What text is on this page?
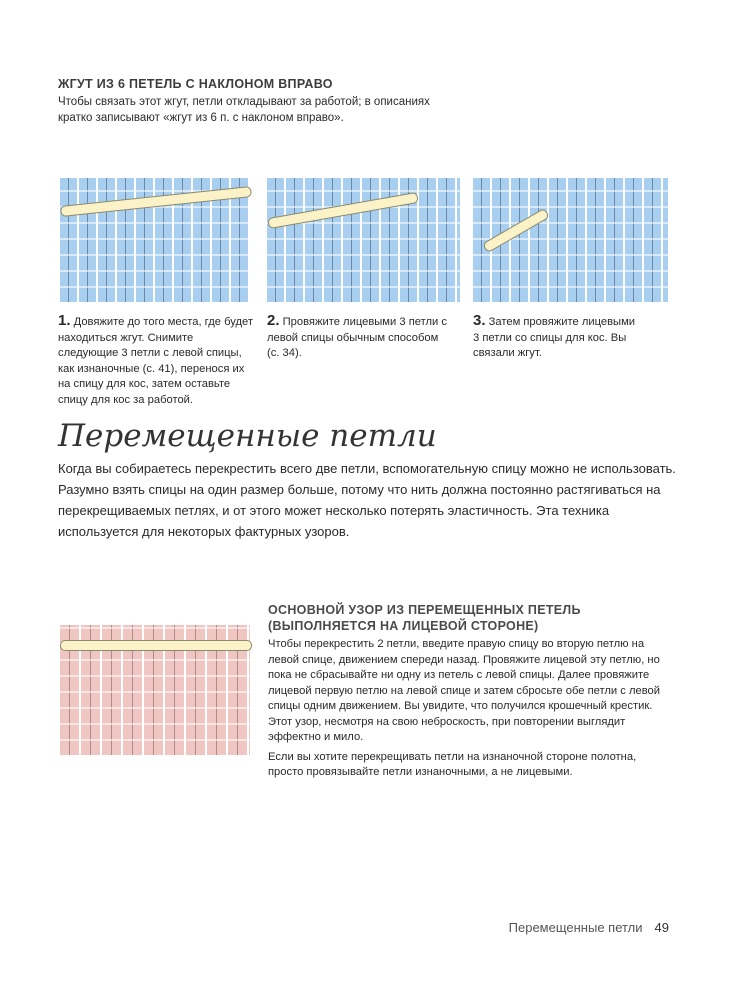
ЖГУТ ИЗ 6 ПЕТЕЛЬ С НАКЛОНОМ ВПРАВО
Чтобы связать этот жгут, петли откладывают за работой; в описаниях кратко записывают «жгут из 6 п. с наклоном вправо».
1. Довяжите до того места, где будет находиться жгут. Снимите следующие 3 петли с левой спицы, как изнаночные (с. 41), перенося их на спицу для кос, затем оставьте спицу для кос за работой.
2. Провяжите лицевыми 3 петли с левой спицы обычным способом (с. 34).
3. Затем провяжите лицевыми 3 петли со спицы для кос. Вы связали жгут.
Перемещенные петли
Когда вы собираетесь перекрестить всего две петли, вспомогательную спицу можно не использовать. Разумно взять спицы на один размер больше, потому что нить должна постоянно растягиваться на перекрещиваемых петлях, и от этого может несколько потерять эластичность. Эта техника используется для некоторых фактурных узоров.
ОСНОВНОЙ УЗОР ИЗ ПЕРЕМЕЩЕННЫХ ПЕТЕЛЬ (ВЫПОЛНЯЕТСЯ НА ЛИЦЕВОЙ СТОРОНЕ)
Чтобы перекрестить 2 петли, введите правую спицу во вторую петлю на левой спице, движением спереди назад. Провяжите лицевой эту петлю, но пока не сбрасывайте ни одну из петель с левой спицы. Далее провяжите лицевой первую петлю на левой спице и затем сбросьте обе петли с левой спицы одним движением. Вы увидите, что получился крошечный крестик. Этот узор, несмотря на свою неброскость, при повторении выглядит эффектно и мило.
Если вы хотите перекрещивать петли на изнаночной стороне полотна, просто провязывайте петли изнаночными, а не лицевыми.
Перемещенные петли 49
